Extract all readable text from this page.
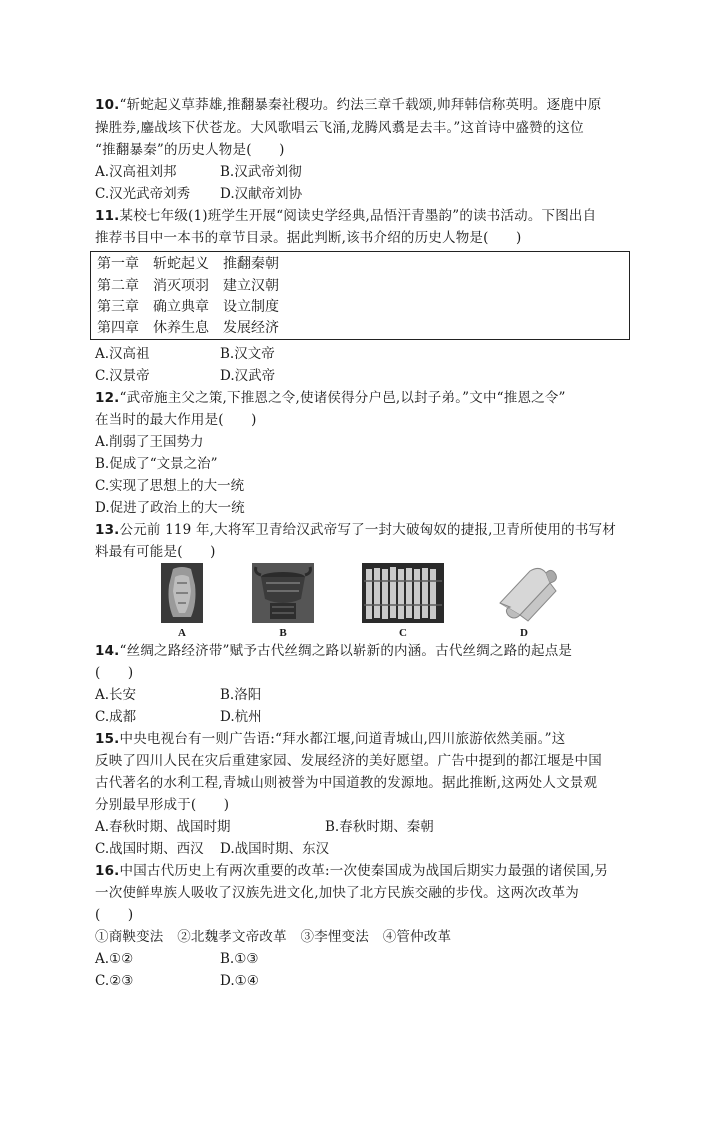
10.“斩蛇起义草莽雄,推翻暴秦社稷功。约法三章千载颂,帅拜韩信称英明。逐鹿中原
操胜券,鏖战垓下伏苍龙。大风歌唱云飞涌,龙腾风翥是去丰。”这首诗中盛赞的这位
“推翻暴秦”的历史人物是(　　)
A.汉高祖刘邦	B.汉武帝刘彻
C.汉光武帝刘秀 D.汉献帝刘协
11.某校七年级(1)班学生开展“阅读史学经典,品悟汗青墨韵”的读书活动。下图出自
推荐书目中一本书的章节目录。据此判断,该书介绍的历史人物是(　　)
第一章 斩蛇起义 推翻秦朝
第二章 消灭项羽 建立汉朝
第三章 确立典章 设立制度
第四章 休养生息 发展经济
A.汉高祖	B.汉文帝
C.汉景帝	D.汉武帝
12.“武帝施主父之策,下推恩之令,使诸侯得分户邑,以封子弟。”文中“推恩之令”
在当时的最大作用是(　　)
A.削弱了王国势力
B.促成了“文景之治”
C.实现了思想上的大一统
D.促进了政治上的大一统
13.公元前 119 年,大将军卫青给汉武帝写了一封大破匈奴的捷报,卫青所使用的书写材
料最有可能是(　　)
A	B	C	D
14.“丝绸之路经济带”赋予古代丝绸之路以崭新的内涵。古代丝绸之路的起点是
(　　)
A.长安	B.洛阳
C.成都	D.杭州
15.中央电视台有一则广告语:“拜水都江堰,问道青城山,四川旅游依然美丽。”这
反映了四川人民在灾后重建家园、发展经济的美好愿望。广告中提到的都江堰是中国
古代著名的水利工程,青城山则被誉为中国道教的发源地。据此推断,这两处人文景观
分别最早形成于(　　)
A.春秋时期、战国时期	B.春秋时期、秦朝
C.战国时期、西汉 D.战国时期、东汉
16.中国古代历史上有两次重要的改革:一次使秦国成为战国后期实力最强的诸侯国,另
一次使鲜卑族人吸收了汉族先进文化,加快了北方民族交融的步伐。这两次改革为
(　　)
①商鞅变法　②北魏孝文帝改革　③李悝变法　④管仲改革
A.①②	B.①③
C.②③	D.①④
